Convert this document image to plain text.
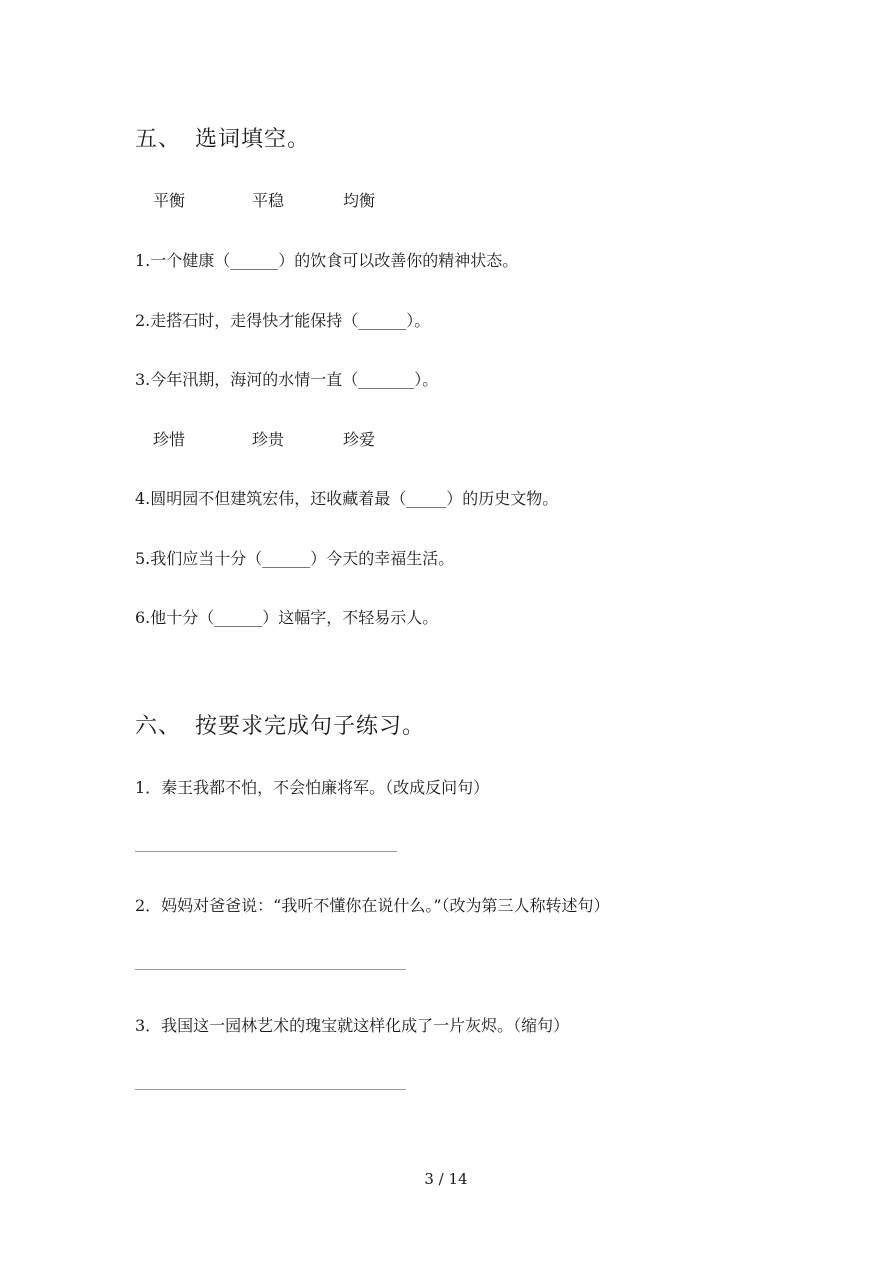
五、 选词填空。
平衡	平稳	均衡
1.一个健康（______）的饮食可以改善你的精神状态。
2.走搭石时，走得快才能保持（______）。
3.今年汛期，海河的水情一直（_______）。
珍惜	珍贵	珍爱
4.圆明园不但建筑宏伟，还收藏着最（_____）的历史文物。
5.我们应当十分（______）今天的幸福生活。
6.他十分（______）这幅字，不轻易示人。
六、 按要求完成句子练习。
1．秦王我都不怕，不会怕廉将军。（改成反问句）
2．妈妈对爸爸说：“我听不懂你在说什么。”（改为第三人称转述句）
3．我国这一园林艺术的瑰宝就这样化成了一片灰烬。（缩句）
3 / 14
